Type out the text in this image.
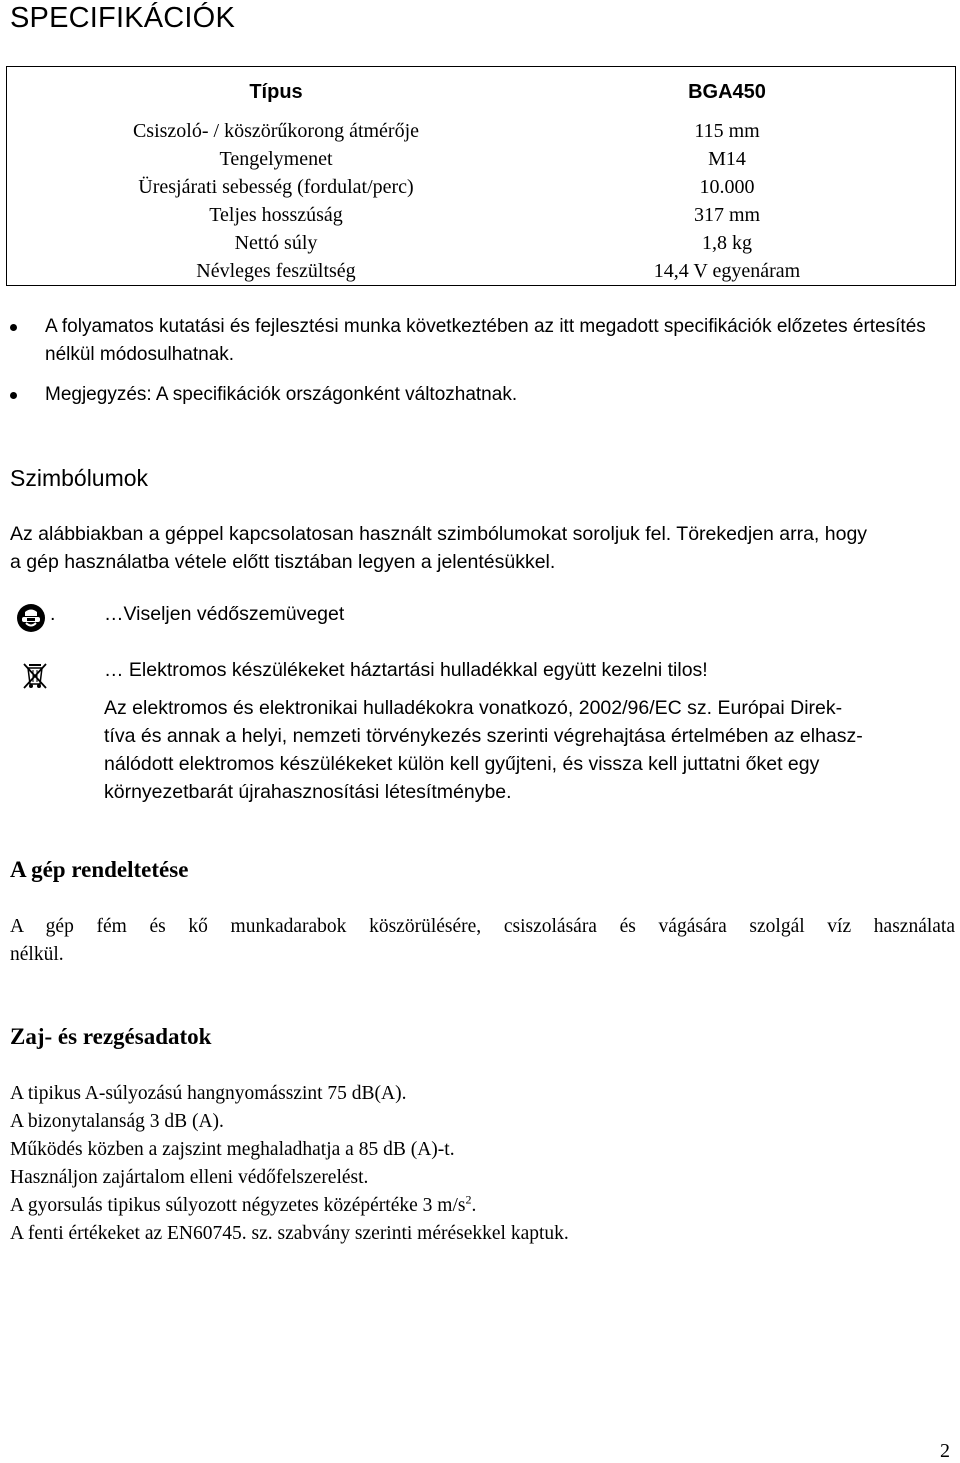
SPECIFIKÁCIÓK
Típus	BGA450
Csiszoló- / köszörűkorong átmérője	115 mm
Tengelymenet	M14
Üresjárati sebesség (fordulat/perc)	10.000
Teljes hosszúság	317 mm
Nettó súly	1,8 kg
Névleges feszültség	14,4 V egyenáram
A folyamatos kutatási és fejlesztési munka következtében az itt megadott specifikációk előzetes értesítés nélkül módosulhatnak.
Megjegyzés: A specifikációk országonként változhatnak.
Szimbólumok
Az alábbiakban a géppel kapcsolatosan használt szimbólumokat soroljuk fel. Törekedjen arra, hogy
a gép használatba vétele előtt tisztában legyen a jelentésükkel.
. …Viseljen védőszemüveget
… Elektromos készülékeket háztartási hulladékkal együtt kezelni tilos!
Az elektromos és elektronikai hulladékokra vonatkozó, 2002/96/EC sz. Európai Direk-
tíva és annak a helyi, nemzeti törvénykezés szerinti végrehajtása értelmében az elhasz-
nálódott elektromos készülékeket külön kell gyűjteni, és vissza kell juttatni őket egy
környezetbarát újrahasznosítási létesítménybe.
A gép rendeltetése
A gép fém és kő munkadarabok köszörülésére, csiszolására és vágására szolgál víz használata
nélkül.
Zaj- és rezgésadatok
A tipikus A-súlyozású hangnyomásszint 75 dB(A).
A bizonytalanság 3 dB (A).
Működés közben a zajszint meghaladhatja a 85 dB (A)-t.
Használjon zajártalom elleni védőfelszerelést.
A gyorsulás tipikus súlyozott négyzetes középértéke 3 $m/s^2$.
A fenti értékeket az EN60745. sz. szabvány szerinti mérésekkel kaptuk.
2
